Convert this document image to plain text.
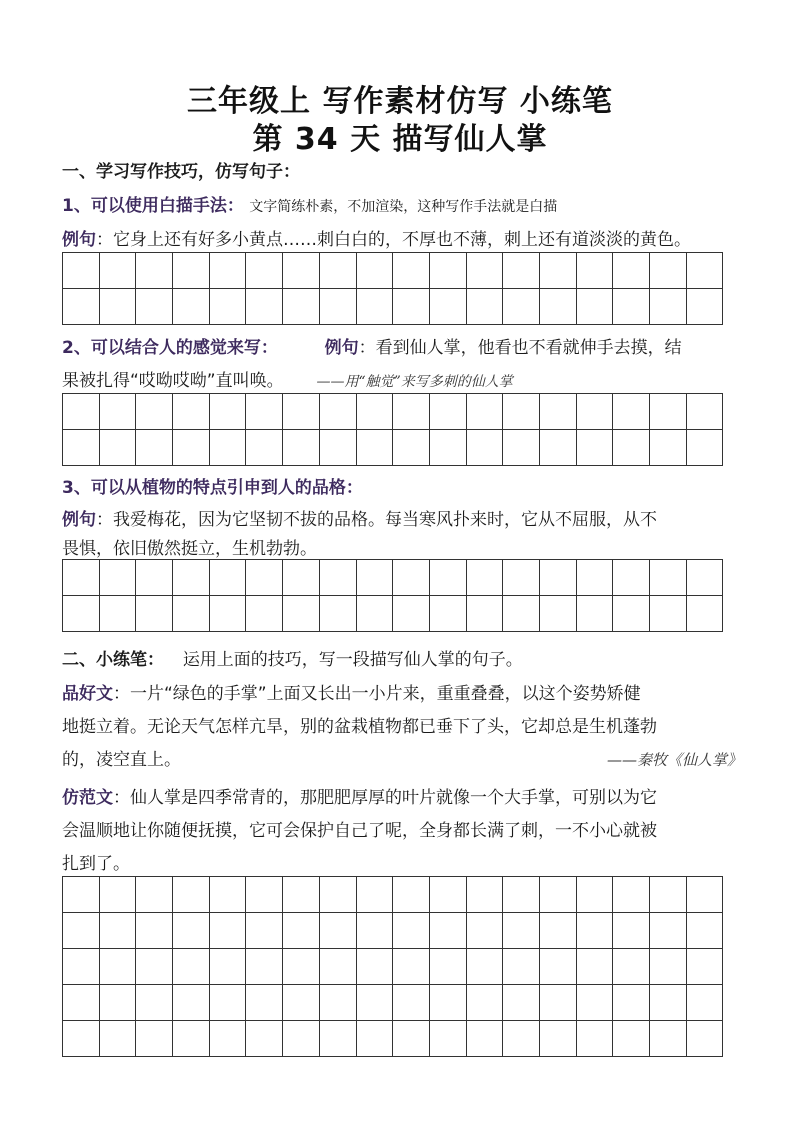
三年级上 写作素材仿写 小练笔
第 34 天 描写仙人掌
一、学习写作技巧，仿写句子：
1、可以使用白描手法： 文字简练朴素，不加渲染，这种写作手法就是白描
例句：它身上还有好多小黄点……刺白白的，不厚也不薄，刺上还有道淡淡的黄色。
2、可以结合人的感觉来写：	例句：看到仙人掌，他看也不看就伸手去摸，结
果被扎得“哎呦哎呦”直叫唤。 ——用“触觉”来写多刺的仙人掌
3、可以从植物的特点引申到人的品格：
例句：我爱梅花，因为它坚韧不拔的品格。每当寒风扑来时，它从不屈服，从不
畏惧，依旧傲然挺立，生机勃勃。
二、小练笔： 运用上面的技巧，写一段描写仙人掌的句子。
品好文：一片“绿色的手掌”上面又长出一小片来，重重叠叠，以这个姿势矫健
地挺立着。无论天气怎样亢旱，别的盆栽植物都已垂下了头，它却总是生机蓬勃
的，凌空直上。	——秦牧《仙人掌》
仿范文：仙人掌是四季常青的，那肥肥厚厚的叶片就像一个大手掌，可别以为它
会温顺地让你随便抚摸，它可会保护自己了呢，全身都长满了刺，一不小心就被
扎到了。
